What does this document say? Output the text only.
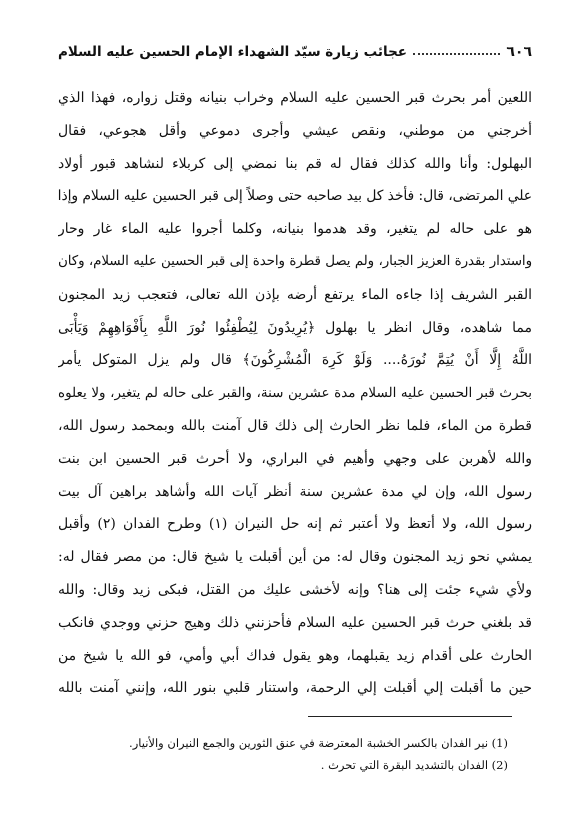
عجائب زيارة سيّد الشهداء الإمام الحسين عليه السلام	٦٠٦
اللعين أمر بحرث قبر الحسين عليه السلام وخراب بنيانه وقتل زواره، فهذا الذي
أخرجني من موطني، ونقص عيشي وأجرى دموعي وأقل هجوعي، فقال
البهلول: وأنا والله كذلك فقال له قم بنا نمضي إلى كربلاء لنشاهد قبور أولاد
علي المرتضى، قال: فأخذ كل بيد صاحبه حتى وصلاً إلى قبر الحسين عليه السلام وإذا
هو على حاله لم يتغير، وقد هدموا بنيانه، وكلما أجروا عليه الماء غار وحار
واستدار بقدرة العزيز الجبار، ولم يصل قطرة واحدة إلى قبر الحسين عليه السلام، وكان
القبر الشريف إذا جاءه الماء يرتفع أرضه بإذن الله تعالى، فتعجب زيد المجنون
مما شاهده، وقال انظر يا بهلول ﴿يُرِيدُونَ لِيُطْفِئُوا نُورَ اللَّهِ بِأَفْوَاهِهِمْ وَيَأْبَى
اللَّهُ إِلَّا أَنْ يُتِمَّ نُورَهُ.... وَلَوْ كَرِهَ الْمُشْرِكُونَ﴾ قال ولم يزل المتوكل يأمر
بحرث قبر الحسين عليه السلام مدة عشرين سنة، والقبر على حاله لم يتغير، ولا يعلوه
قطرة من الماء، فلما نظر الحارث إلى ذلك قال آمنت بالله وبمحمد رسول الله،
والله لأهربن على وجهي وأهيم في البراري، ولا أحرث قبر الحسين ابن بنت
رسول الله، وإن لي مدة عشرين سنة أنظر آيات الله وأشاهد براهين آل بيت
رسول الله، ولا أتعظ ولا أعتبر ثم إنه حل النيران (١) وطرح الفدان (٢) وأقبل
يمشي نحو زيد المجنون وقال له: من أين أقبلت يا شيخ قال: من مصر فقال له:
ولأي شيء جئت إلى هنا؟ وإنه لأخشى عليك من القتل، فبكى زيد وقال: والله
قد بلغني حرث قبر الحسين عليه السلام فأحزنني ذلك وهيج حزني ووجدي فانكب
الحارث على أقدام زيد يقبلهما، وهو يقول فداك أبي وأمي، فو الله يا شيخ من
حين ما أقبلت إلي أقبلت إلي الرحمة، واستنار قلبي بنور الله، وإنني آمنت بالله
(1) نير الفدان بالكسر الخشبة المعترضة في عنق الثورين والجمع النيران والأنيار.
(2) الفدان بالتشديد البقرة التي تحرث .
